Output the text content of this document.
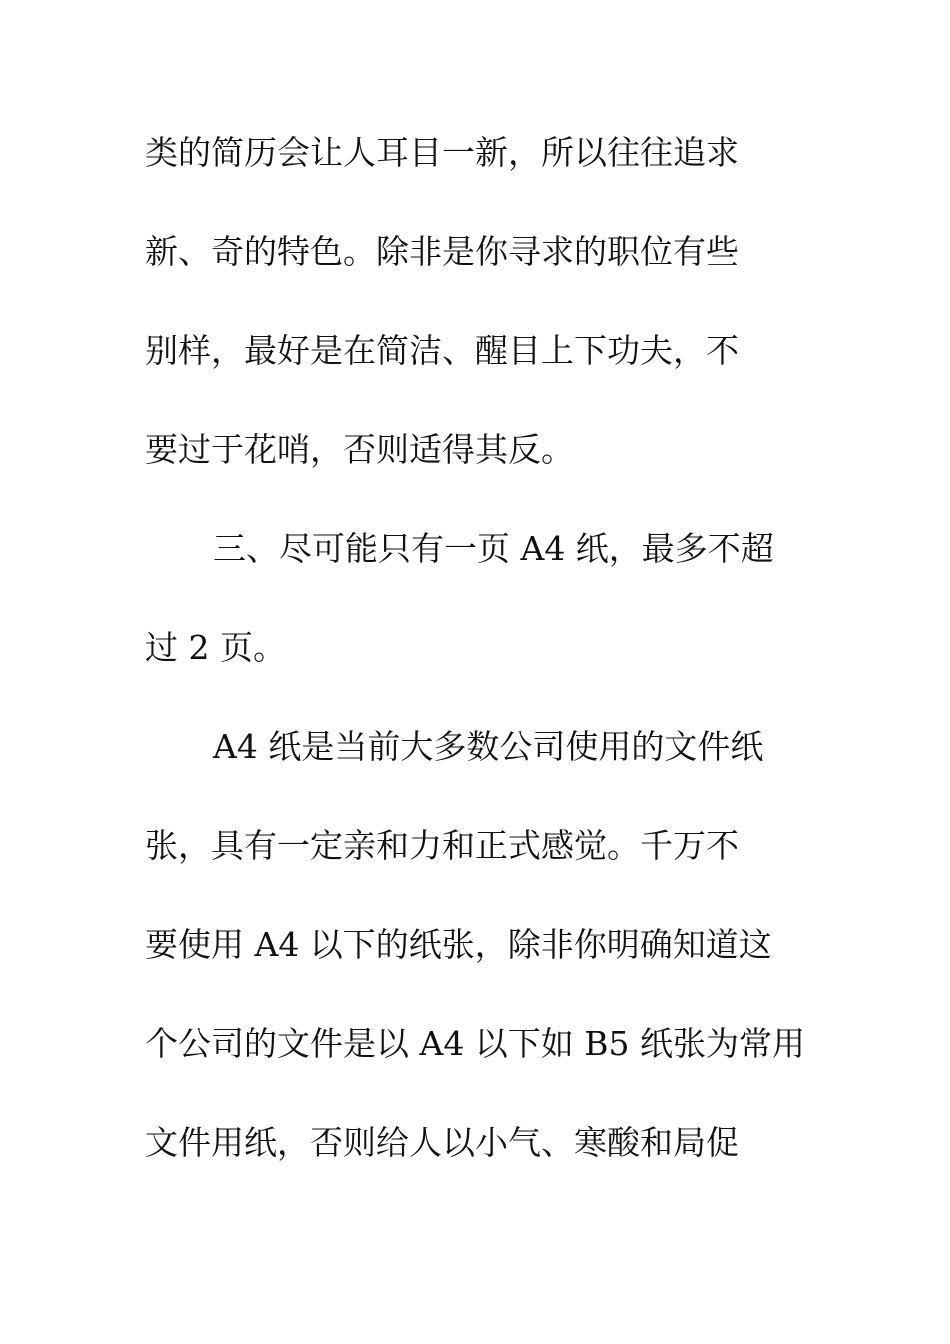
类的简历会让人耳目一新，所以往往追求
新、奇的特色。除非是你寻求的职位有些
别样，最好是在简洁、醒目上下功夫，不
要过于花哨，否则适得其反。
三、尽可能只有一页 A4 纸，最多不超
过 2 页。
A4 纸是当前大多数公司使用的文件纸
张，具有一定亲和力和正式感觉。千万不
要使用 A4 以下的纸张，除非你明确知道这
个公司的文件是以 A4 以下如 B5 纸张为常用
文件用纸，否则给人以小气、寒酸和局促
